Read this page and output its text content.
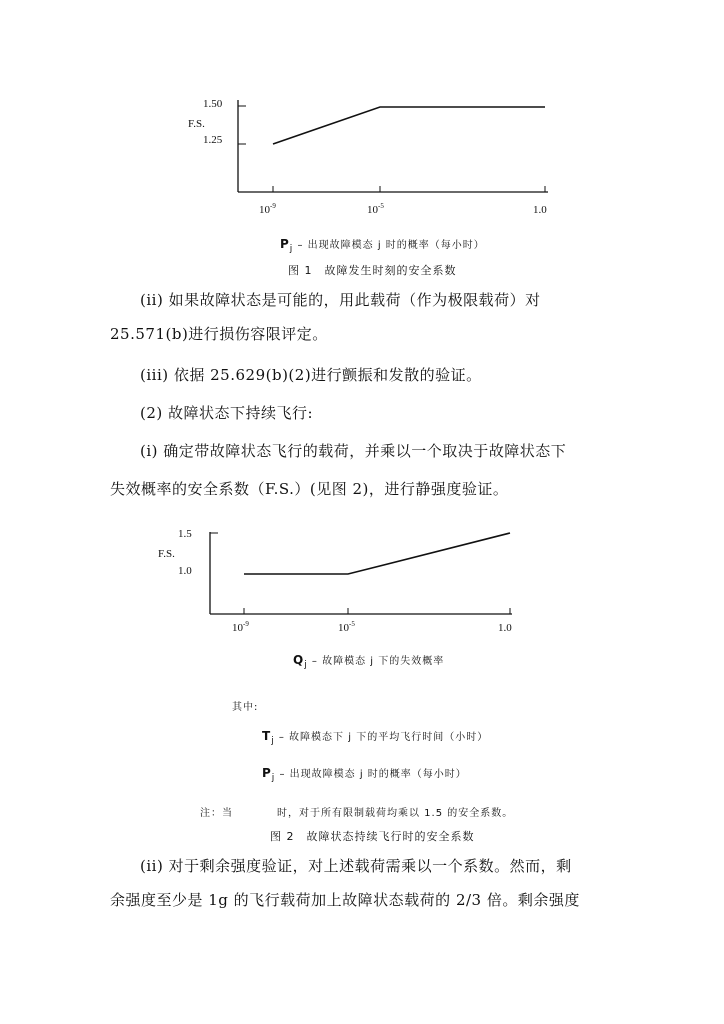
1.50
F.S.
1.25
$10^{-9}$	$10^{-5}$	1.0
Pj – 出现故障模态 j 时的概率（每小时）
图 1　故障发生时刻的安全系数
(ii) 如果故障状态是可能的，用此载荷（作为极限载荷）对
25.571(b)进行损伤容限评定。
(iii) 依据 25.629(b)(2)进行颤振和发散的验证。
(2) 故障状态下持续飞行:
(i) 确定带故障状态飞行的载荷，并乘以一个取决于故障状态下
失效概率的安全系数（F.S.）(见图 2)，进行静强度验证。
1.5
F.S.
1.0
$10^{-9}$	$10^{-5}$	1.0
Qj – 故障模态 j 下的失效概率
其中:
Tj – 故障模态下 j 下的平均飞行时间（小时）
Pj – 出现故障模态 j 时的概率（每小时）
注：当　　　　时，对于所有限制载荷均乘以 1.5 的安全系数。
图 2　故障状态持续飞行时的安全系数
(ii) 对于剩余强度验证，对上述载荷需乘以一个系数。然而，剩
余强度至少是 1g 的飞行载荷加上故障状态载荷的 2/3 倍。剩余强度
